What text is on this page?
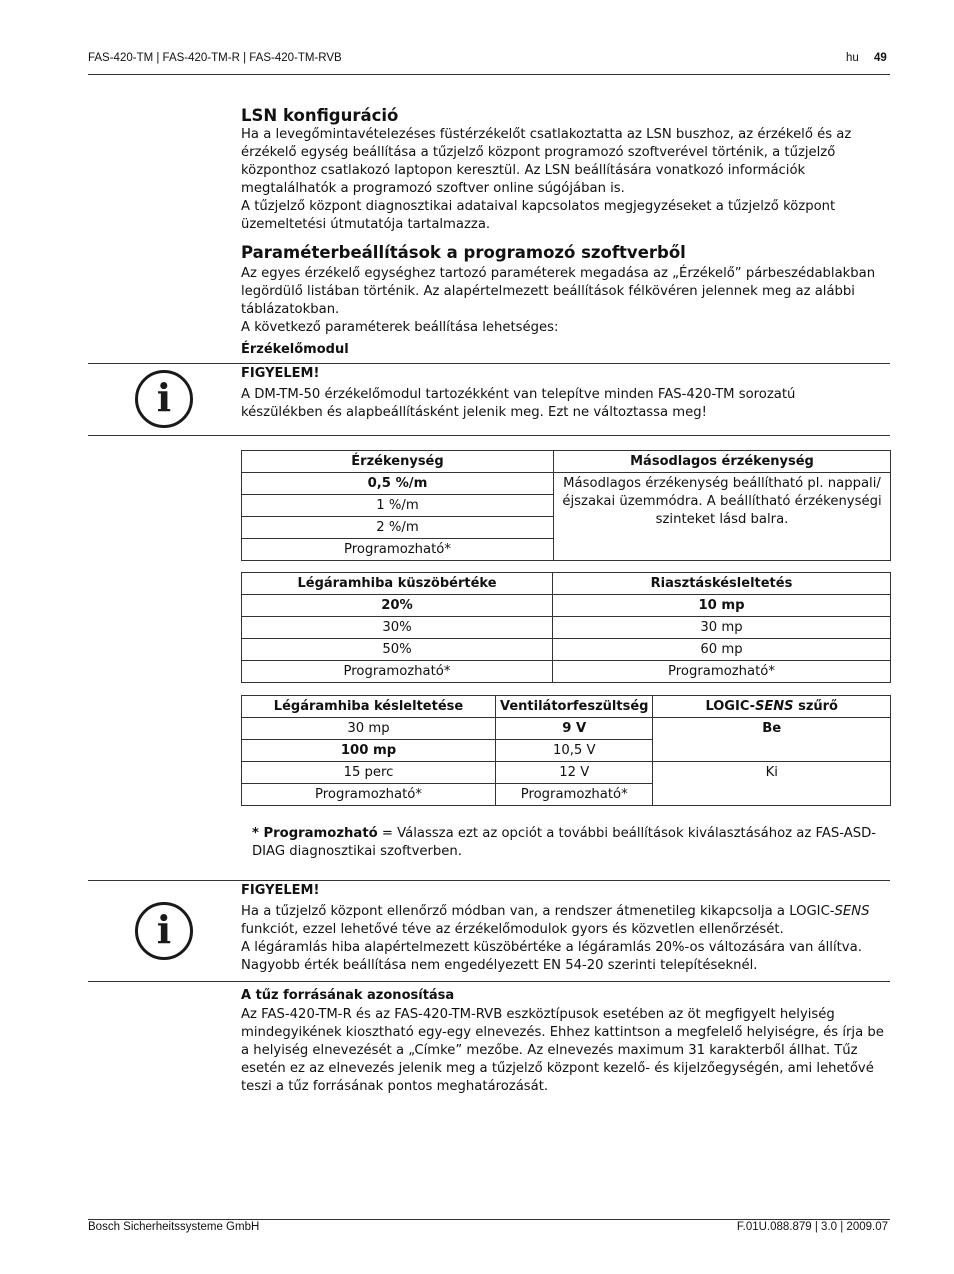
FAS-420-TM | FAS-420-TM-R | FAS-420-TM-RVB	hu 49
LSN konfiguráció

Ha a levegőmintavételezéses füstérzékelőt csatlakoztatta az LSN buszhoz, az érzékelő és az érzékelő egység beállítása a tűzjelző központ programozó szoftverével történik, a tűzjelző központhoz csatlakozó laptopon keresztül. Az LSN beállítására vonatkozó információk megtalálhatók a programozó szoftver online súgójában is.

A tűzjelző központ diagnosztikai adataival kapcsolatos megjegyzéseket a tűzjelző központ üzemeltetési útmutatója tartalmazza.

Paraméterbeállítások a programozó szoftverből

Az egyes érzékelő egységhez tartozó paraméterek megadása az „Érzékelő” párbeszédablakban legördülő listában történik. Az alapértelmezett beállítások félkövéren jelennek meg az alábbi táblázatokban.

A következő paraméterek beállítása lehetséges:

Érzékelőmodul
i
FIGYELEM!

A DM-TM-50 érzékelőmodul tartozékként van telepítve minden FAS-420-TM sorozatú készülékben és alapbeállításként jelenik meg. Ezt ne változtassa meg!

Érzékenység	Másodlagos érzékenység
0,5 %/m	Másodlagos érzékenység beállítható pl. nappali/ éjszakai üzemmódra. A beállítható érzékenységi szinteket lásd balra.
1 %/m	
2 %/m	
Programozható*	
Légáramhiba küszöbértéke	Riasztáskésleltetés
20%	10 mp
30%	30 mp
50%	60 mp
Programozható*	Programozható*
Légáramhiba késleltetése	Ventilátorfeszültség	LOGIC-SENS szűrő
30 mp	9 V	Be
100 mp	10,5 V	
15 perc	12 V	Ki
Programozható*	Programozható*	

* Programozható = Válassza ezt az opciót a további beállítások kiválasztásához az FAS-ASD-DIAG diagnosztikai szoftverben.

i
FIGYELEM!

Ha a tűzjelző központ ellenőrző módban van, a rendszer átmenetileg kikapcsolja a LOGIC-SENS funkciót, ezzel lehetővé téve az érzékelőmodulok gyors és közvetlen ellenőrzését.

A légáramlás hiba alapértelmezett küszöbértéke a légáramlás 20%-os változására van állítva. Nagyobb érték beállítása nem engedélyezett EN 54-20 szerinti telepítéseknél.

A tűz forrásának azonosítása

Az FAS-420-TM-R és az FAS-420-TM-RVB eszköztípusok esetében az öt megfigyelt helyiség mindegyikének kiosztható egy-egy elnevezés. Ehhez kattintson a megfelelő helyiségre, és írja be a helyiség elnevezését a „Címke” mezőbe. Az elnevezés maximum 31 karakterből állhat. Tűz esetén ez az elnevezés jelenik meg a tűzjelző központ kezelő- és kijelzőegységén, ami lehetővé teszi a tűz forrásának pontos meghatározását.

Bosch Sicherheitssysteme GmbH	F.01U.088.879 | 3.0 | 2009.07
